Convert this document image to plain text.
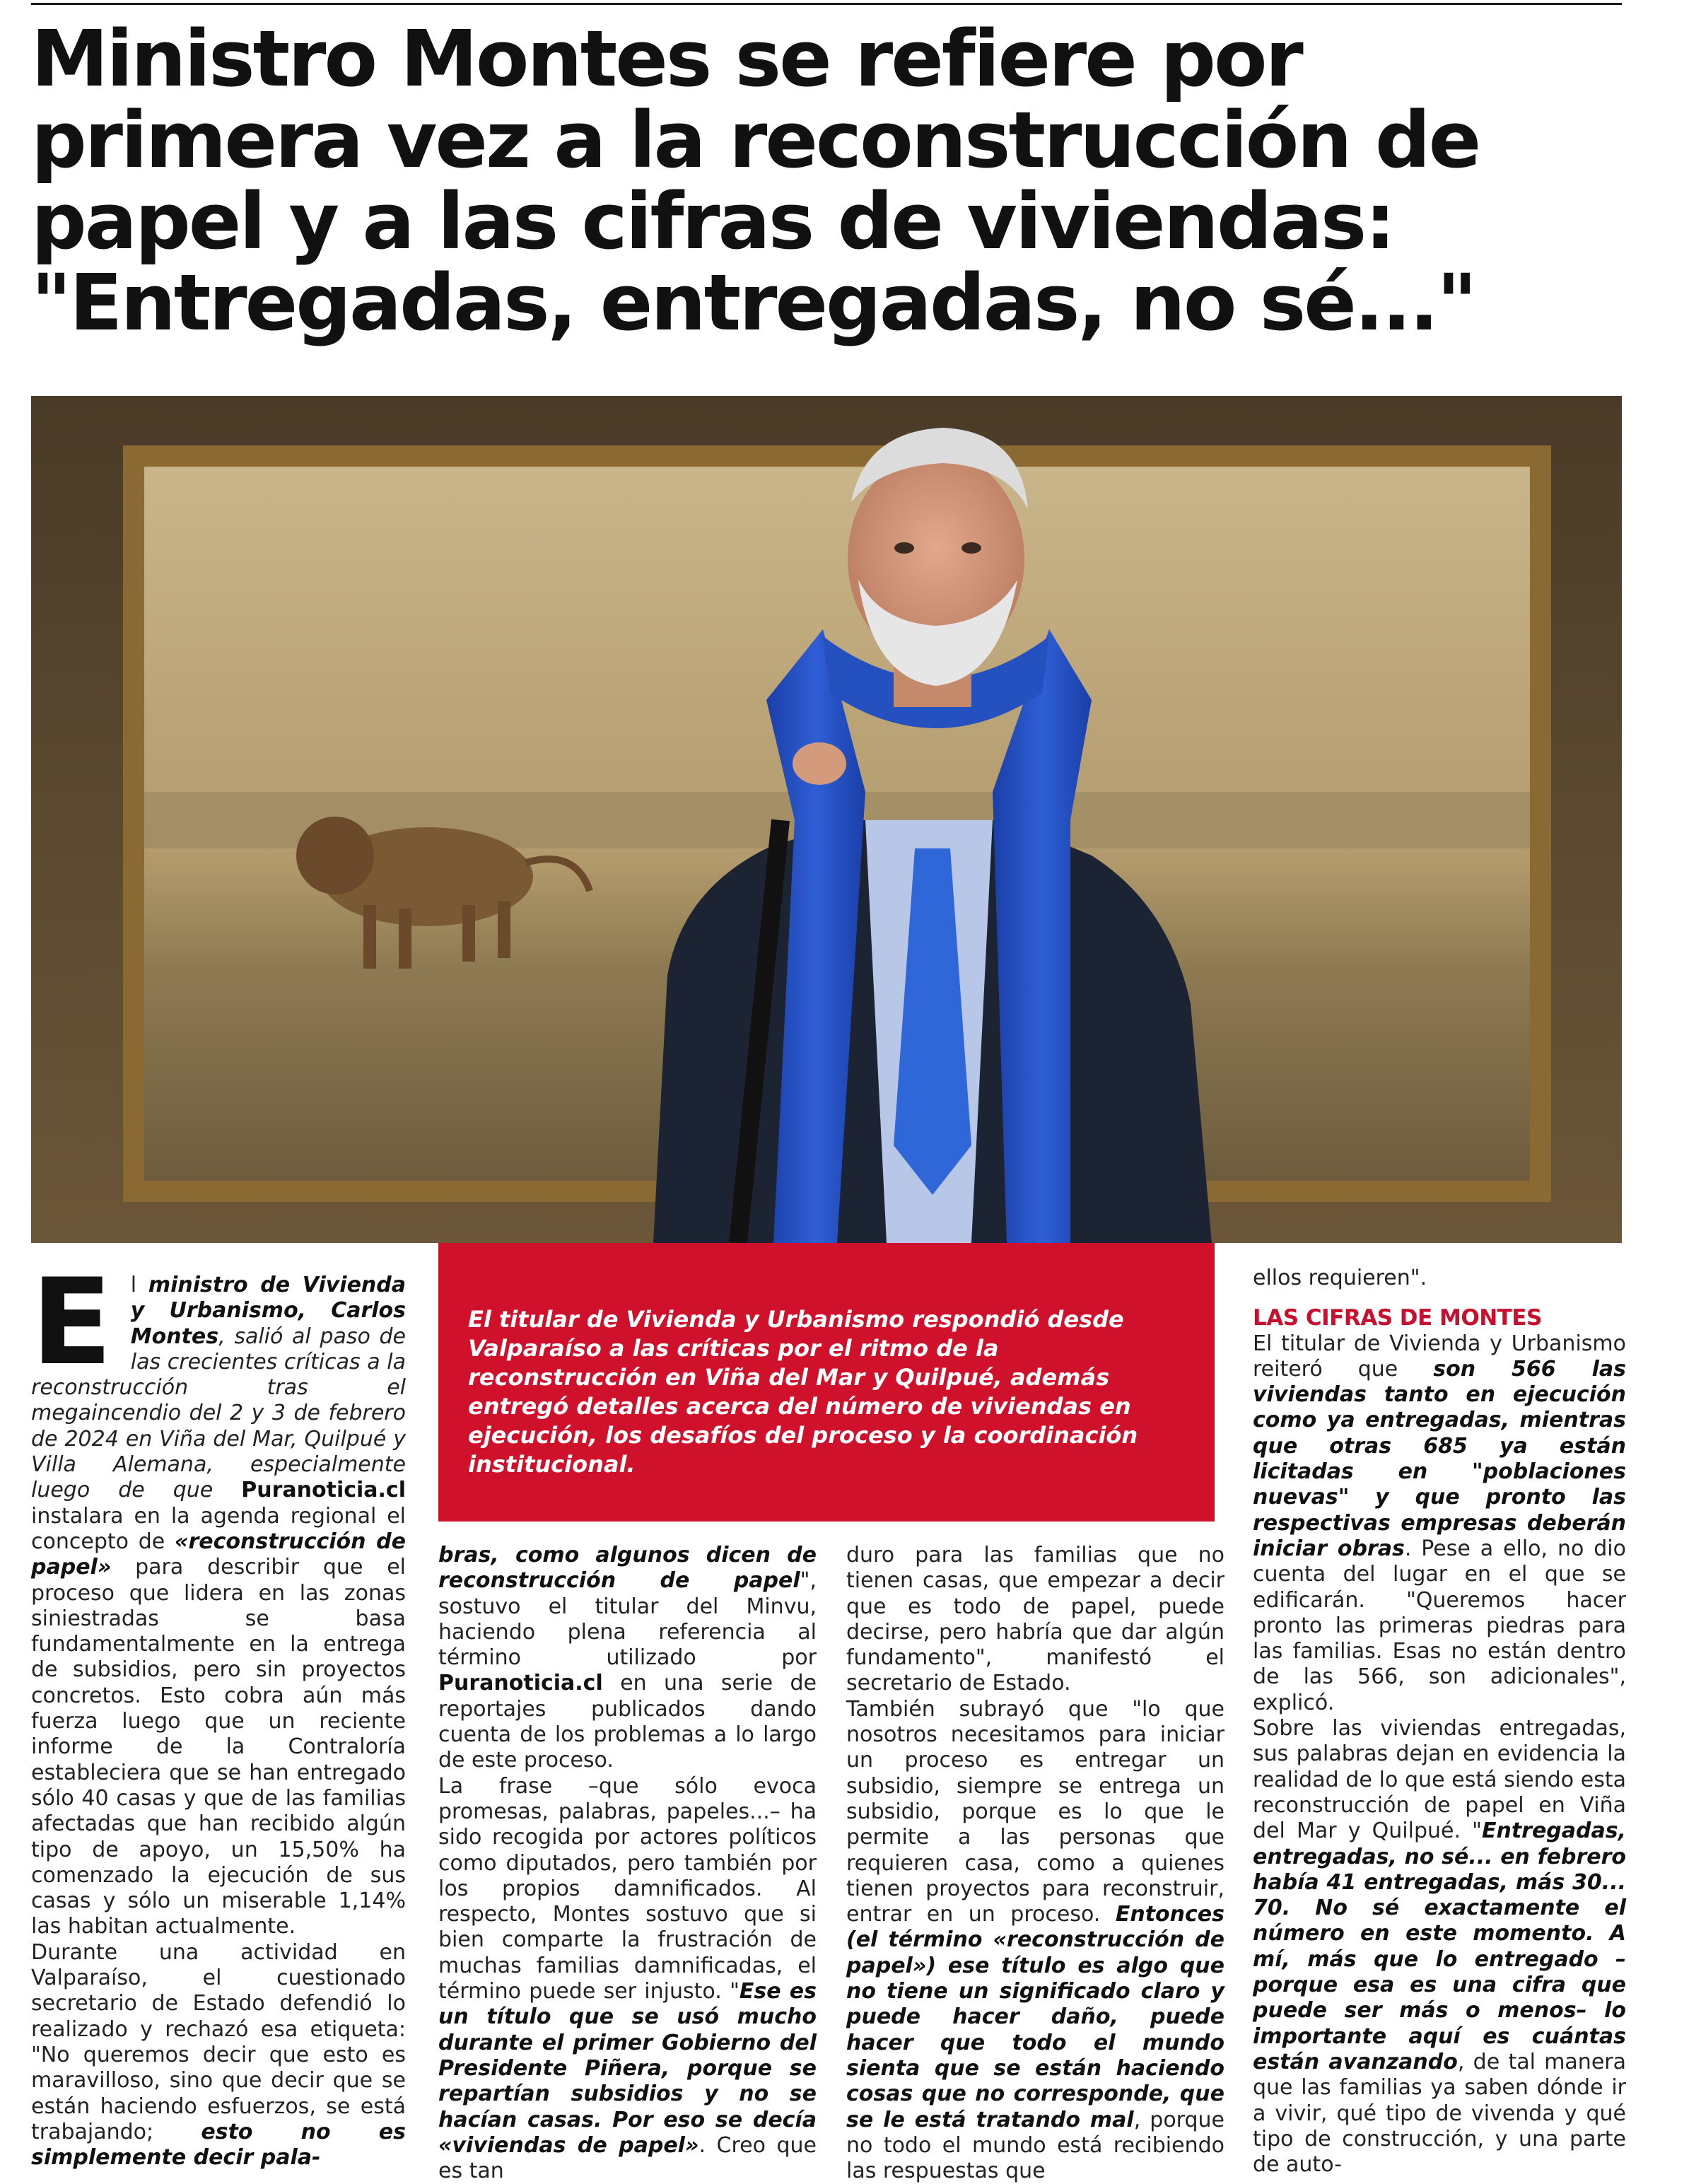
Ministro Montes se refiere por primera vez a la reconstrucción de papel y a las cifras de viviendas: "Entregadas, entregadas, no sé..."
E l ministro de Vivienda y Urbanismo, Carlos Montes, salió al paso de las crecientes críticas a la reconstrucción tras el megaincendio del 2 y 3 de febrero de 2024 en Viña del Mar, Quilpué y Villa Alemana, especialmente luego de que Puranoticia.cl instalara en la agenda regional el concepto de «reconstrucción de papel» para describir que el proceso que lidera en las zonas siniestradas se basa fundamentalmente en la entrega de subsidios, pero sin proyectos concretos. Esto cobra aún más fuerza luego que un reciente informe de la Contraloría estableciera que se han entregado sólo 40 casas y que de las familias afectadas que han recibido algún tipo de apoyo, un 15,50% ha comenzado la ejecución de sus casas y sólo un miserable 1,14% las habitan actualmente.

Durante una actividad en Valparaíso, el cuestionado secretario de Estado defendió lo realizado y rechazó esa etiqueta: "No queremos decir que esto es maravilloso, sino que decir que se están haciendo esfuerzos, se está trabajando; esto no es simplemente decir pala-

El titular de Vivienda y Urbanismo respondió desde Valparaíso a las críticas por el ritmo de la reconstrucción en Viña del Mar y Quilpué, además entregó detalles acerca del número de viviendas en ejecución, los desafíos del proceso y la coordinación institucional.

bras, como algunos dicen de reconstrucción de papel", sostuvo el titular del Minvu, haciendo plena referencia al término utilizado por Puranoticia.cl en una serie de reportajes publicados dando cuenta de los problemas a lo largo de este proceso.

La frase –que sólo evoca promesas, palabras, papeles...– ha sido recogida por actores políticos como diputados, pero también por los propios damnificados. Al respecto, Montes sostuvo que si bien comparte la frustración de muchas familias damnificadas, el término puede ser injusto. "Ese es un título que se usó mucho durante el primer Gobierno del Presidente Piñera, porque se repartían subsidios y no se hacían casas. Por eso se decía «viviendas de papel». Creo que es tan

duro para las familias que no tienen casas, que empezar a decir que es todo de papel, puede decirse, pero habría que dar algún fundamento", manifestó el secretario de Estado.

También subrayó que "lo que nosotros necesitamos para iniciar un proceso es entregar un subsidio, siempre se entrega un subsidio, porque es lo que le permite a las personas que requieren casa, como a quienes tienen proyectos para reconstruir, entrar en un proceso. Entonces (el término «reconstrucción de papel») ese título es algo que no tiene un significado claro y puede hacer daño, puede hacer que todo el mundo sienta que se están haciendo cosas que no corresponde, que se le está tratando mal, porque no todo el mundo está recibiendo las respuestas que

ellos requieren".

LAS CIFRAS DE MONTES

El titular de Vivienda y Urbanismo reiteró que son 566 las viviendas tanto en ejecución como ya entregadas, mientras que otras 685 ya están licitadas en "poblaciones nuevas" y que pronto las respectivas empresas deberán iniciar obras. Pese a ello, no dio cuenta del lugar en el que se edificarán. "Queremos hacer pronto las primeras piedras para las familias. Esas no están dentro de las 566, son adicionales", explicó.

Sobre las viviendas entregadas, sus palabras dejan en evidencia la realidad de lo que está siendo esta reconstrucción de papel en Viña del Mar y Quilpué. "Entregadas, entregadas, no sé... en febrero había 41 entregadas, más 30... 70. No sé exactamente el número en este momento. A mí, más que lo entregado –porque esa es una cifra que puede ser más o menos– lo importante aquí es cuántas están avanzando, de tal manera que las familias ya saben dónde ir a vivir, qué tipo de vivenda y qué tipo de construcción, y una parte de auto-
